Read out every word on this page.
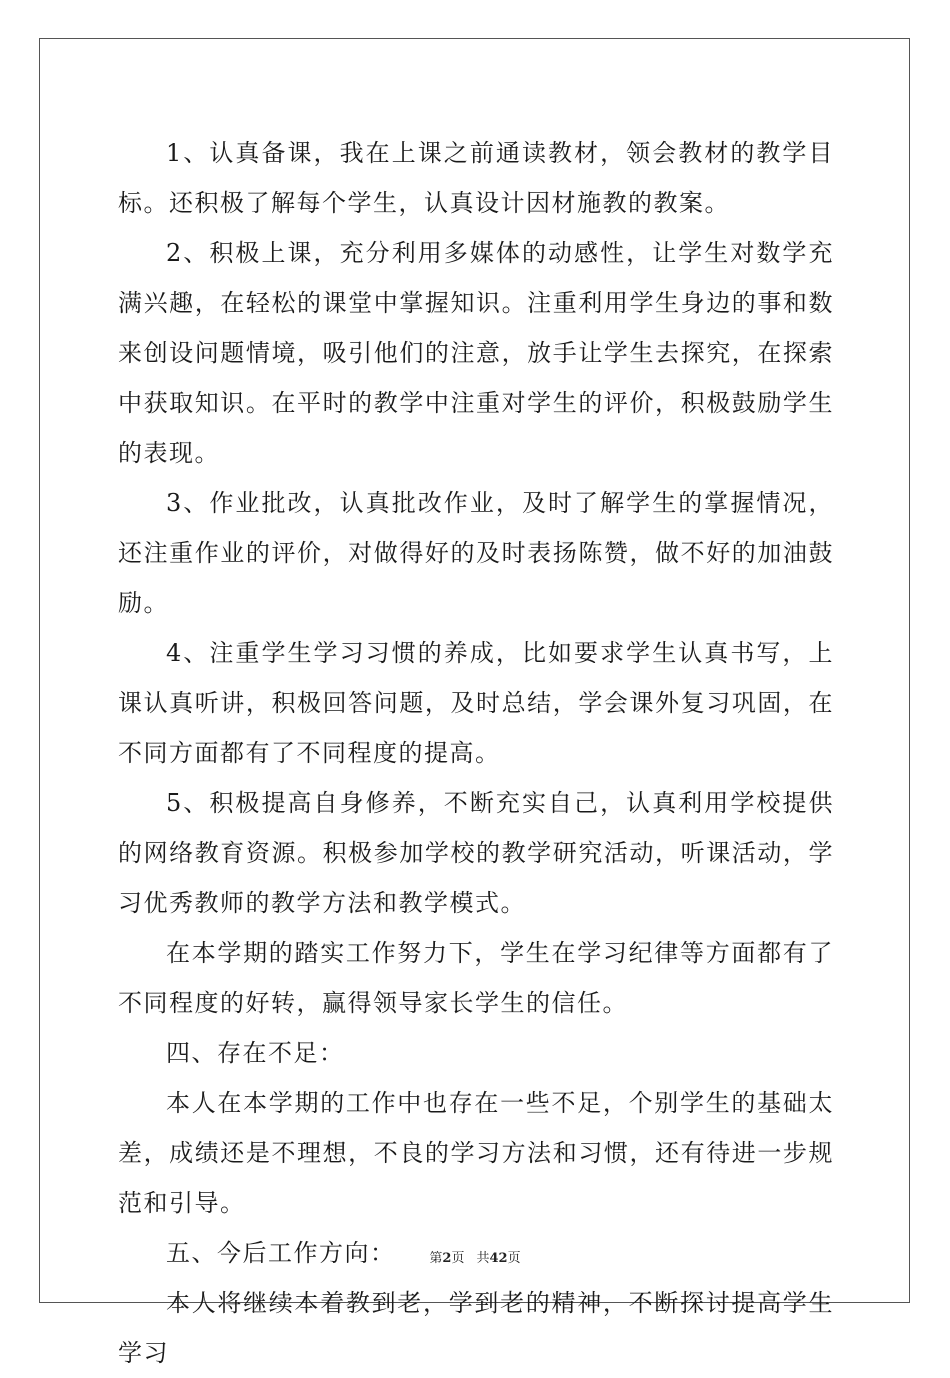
1、认真备课，我在上课之前通读教材，领会教材的教学目标。还积极了解每个学生，认真设计因材施教的教案。

2、积极上课，充分利用多媒体的动感性，让学生对数学充满兴趣，在轻松的课堂中掌握知识。注重利用学生身边的事和数来创设问题情境，吸引他们的注意，放手让学生去探究，在探索中获取知识。在平时的教学中注重对学生的评价，积极鼓励学生的表现。

3、作业批改，认真批改作业，及时了解学生的掌握情况，还注重作业的评价，对做得好的及时表扬陈赞，做不好的加油鼓励。

4、注重学生学习习惯的养成，比如要求学生认真书写，上课认真听讲，积极回答问题，及时总结，学会课外复习巩固，在不同方面都有了不同程度的提高。

5、积极提高自身修养，不断充实自己，认真利用学校提供的网络教育资源。积极参加学校的教学研究活动，听课活动，学习优秀教师的教学方法和教学模式。

在本学期的踏实工作努力下，学生在学习纪律等方面都有了不同程度的好转，赢得领导家长学生的信任。

四、存在不足：

本人在本学期的工作中也存在一些不足，个别学生的基础太差，成绩还是不理想，不良的学习方法和习惯，还有待进一步规范和引导。

五、今后工作方向：

本人将继续本着教到老，学到老的精神，不断探讨提高学生学习

第2页 共42页
